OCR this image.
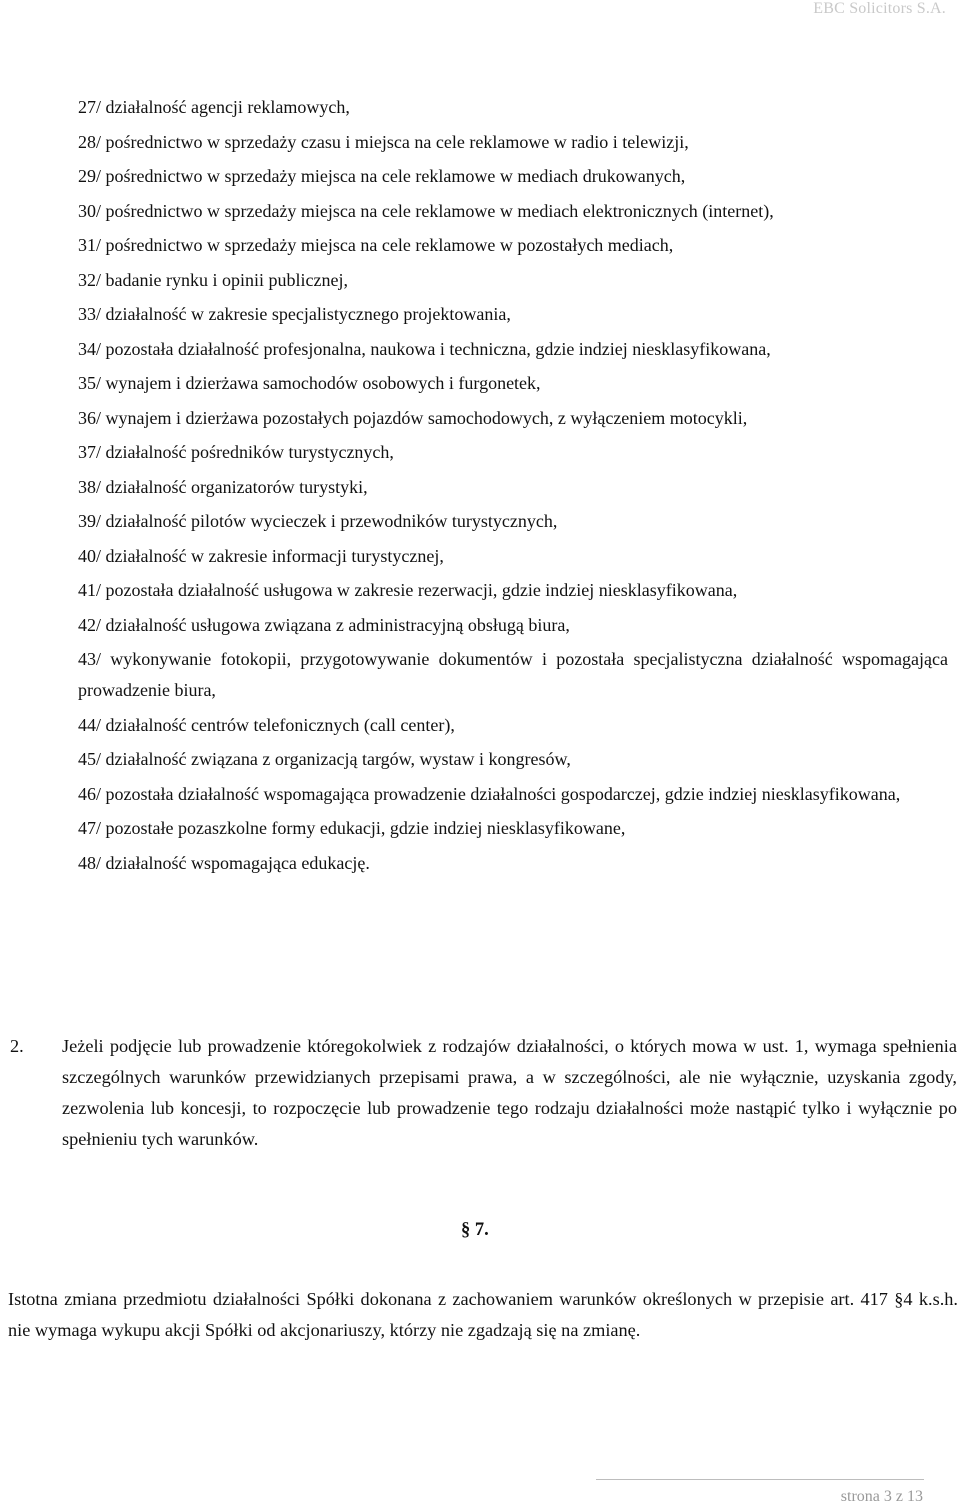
EBC Solicitors S.A.
27/ działalność agencji reklamowych,
28/ pośrednictwo w sprzedaży czasu i miejsca na cele reklamowe w radio i telewizji,
29/ pośrednictwo w sprzedaży miejsca na cele reklamowe w mediach drukowanych,
30/ pośrednictwo w sprzedaży miejsca na cele reklamowe w mediach elektronicznych (internet),
31/ pośrednictwo w sprzedaży miejsca na cele reklamowe w pozostałych mediach,
32/ badanie rynku i opinii publicznej,
33/ działalność w zakresie specjalistycznego projektowania,
34/ pozostała działalność profesjonalna, naukowa i techniczna, gdzie indziej niesklasyfikowana,
35/ wynajem i dzierżawa samochodów osobowych i furgonetek,
36/ wynajem i dzierżawa pozostałych pojazdów samochodowych, z wyłączeniem motocykli,
37/ działalność pośredników turystycznych,
38/ działalność organizatorów turystyki,
39/ działalność pilotów wycieczek i przewodników turystycznych,
40/ działalność w zakresie informacji turystycznej,
41/ pozostała działalność usługowa w zakresie rezerwacji, gdzie indziej niesklasyfikowana,
42/ działalność usługowa związana z administracyjną obsługą biura,
43/ wykonywanie fotokopii, przygotowywanie dokumentów i pozostała specjalistyczna działalność wspomagająca prowadzenie biura,
44/ działalność centrów telefonicznych (call center),
45/ działalność związana z organizacją targów, wystaw i kongresów,
46/ pozostała działalność wspomagająca prowadzenie działalności gospodarczej, gdzie indziej niesklasyfikowana,
47/ pozostałe pozaszkolne formy edukacji, gdzie indziej niesklasyfikowane,
48/ działalność wspomagająca edukację.
2. Jeżeli podjęcie lub prowadzenie któregokolwiek z rodzajów działalności, o których mowa w ust. 1, wymaga spełnienia szczególnych warunków przewidzianych przepisami prawa, a w szczególności, ale nie wyłącznie, uzyskania zgody, zezwolenia lub koncesji, to rozpoczęcie lub prowadzenie tego rodzaju działalności może nastąpić tylko i wyłącznie po spełnieniu tych warunków.

§ 7.

Istotna zmiana przedmiotu działalności Spółki dokonana z zachowaniem warunków określonych w przepisie art. 417 §4 k.s.h. nie wymaga wykupu akcji Spółki od akcjonariuszy, którzy nie zgadzają się na zmianę.

strona 3 z 13
